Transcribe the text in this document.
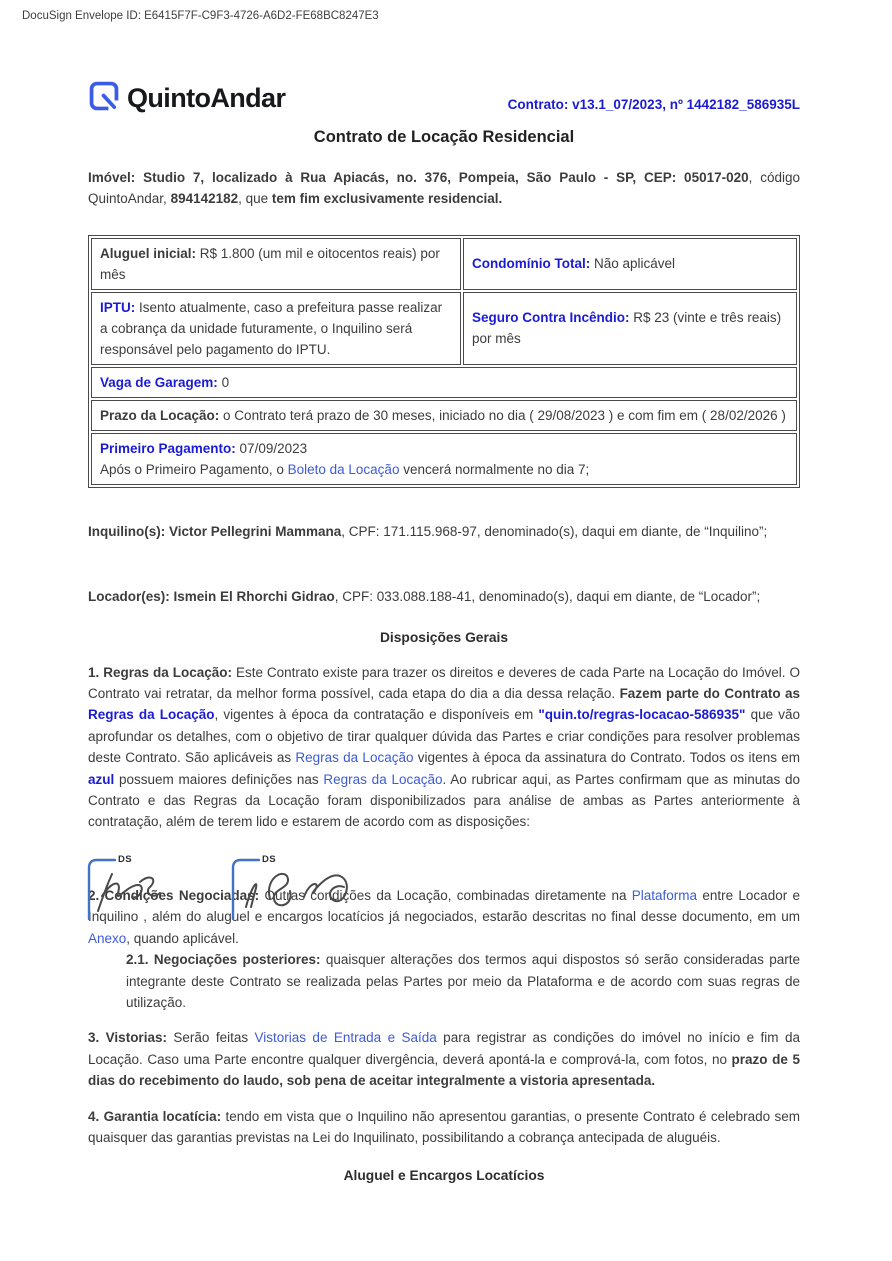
DocuSign Envelope ID: E6415F7F-C9F3-4726-A6D2-FE68BC8247E3
QuintoAndar	Contrato: v13.1_07/2023, nº 1442182_586935L
Contrato de Locação Residencial

Imóvel: Studio 7, localizado à Rua Apiacás, no. 376, Pompeia, São Paulo - SP, CEP: 05017-020, código QuintoAndar, 894142182, que tem fim exclusivamente residencial.

Aluguel inicial: R$ 1.800 (um mil e oitocentos reais) por mês	Condomínio Total: Não aplicável
IPTU: Isento atualmente, caso a prefeitura passe realizar a cobrança da unidade futuramente, o Inquilino será responsável pelo pagamento do IPTU.	Seguro Contra Incêndio: R$ 23 (vinte e três reais) por mês
Vaga de Garagem: 0	
Prazo da Locação: o Contrato terá prazo de 30 meses, iniciado no dia ( 29/08/2023 ) e com fim em ( 28/02/2026 )	

Primeiro Pagamento: 07/09/2023
Após o Primeiro Pagamento, o Boleto da Locação vencerá normalmente no dia 7;	

Inquilino(s): Victor Pellegrini Mammana, CPF: 171.115.968-97, denominado(s), daqui em diante, de “Inquilino”;

Locador(es): Ismein El Rhorchi Gidrao, CPF: 033.088.188-41, denominado(s), daqui em diante, de “Locador”;

Disposições Gerais

1. Regras da Locação: Este Contrato existe para trazer os direitos e deveres de cada Parte na Locação do Imóvel. O Contrato vai retratar, da melhor forma possível, cada etapa do dia a dia dessa relação. Fazem parte do Contrato as Regras da Locação, vigentes à época da contratação e disponíveis em "quin.to/regras-locacao-586935" que vão aprofundar os detalhes, com o objetivo de tirar qualquer dúvida das Partes e criar condições para resolver problemas deste Contrato. São aplicáveis as Regras da Locação vigentes à época da assinatura do Contrato. Todos os itens em azul possuem maiores definições nas Regras da Locação. Ao rubricar aqui, as Partes confirmam que as minutas do Contrato e das Regras da Locação foram disponibilizados para análise de ambas as Partes anteriormente à contratação, além de terem lido e estarem de acordo com as disposições:

2. Condições Negociadas: Outras condições da Locação, combinadas diretamente na Plataforma entre Locador e Inquilino , além do aluguel e encargos locatícios já negociados, estarão descritas no final desse documento, em um Anexo, quando aplicável.

2.1. Negociações posteriores: quaisquer alterações dos termos aqui dispostos só serão consideradas parte integrante deste Contrato se realizada pelas Partes por meio da Plataforma e de acordo com suas regras de utilização.

3. Vistorias: Serão feitas Vistorias de Entrada e Saída para registrar as condições do imóvel no início e fim da Locação. Caso uma Parte encontre qualquer divergência, deverá apontá-la e comprová-la, com fotos, no prazo de 5 dias do recebimento do laudo, sob pena de aceitar integralmente a vistoria apresentada.

4. Garantia locatícia: tendo em vista que o Inquilino não apresentou garantias, o presente Contrato é celebrado sem quaisquer das garantias previstas na Lei do Inquilinato, possibilitando a cobrança antecipada de aluguéis.

Aluguel e Encargos Locatícios

DS	DS
